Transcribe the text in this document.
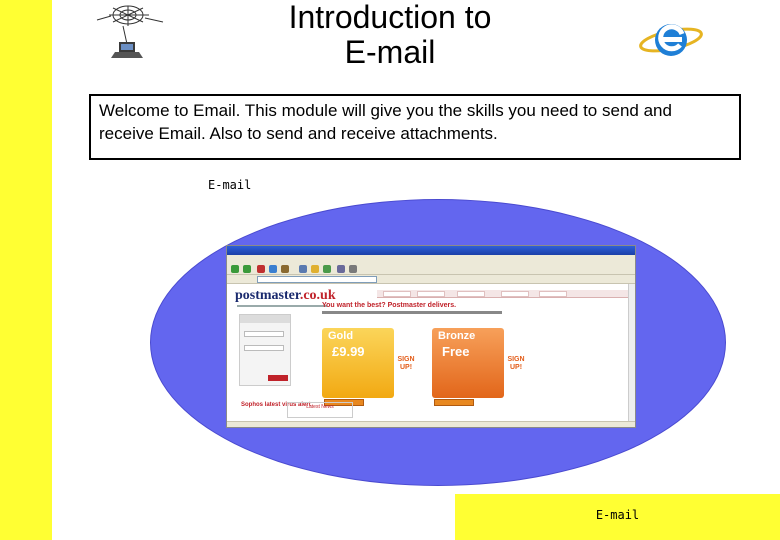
Introduction to
E-mail
Welcome to Email. This module will give you the skills you need to send and receive Email. Also to send and receive attachments.
E-mail
postmaster.co.uk
You want the best? Postmaster delivers.
Gold
£9.99
SIGN UP!
Bronze
Free
SIGN UP!
Sophos latest virus alert
Latest News
E-mail
